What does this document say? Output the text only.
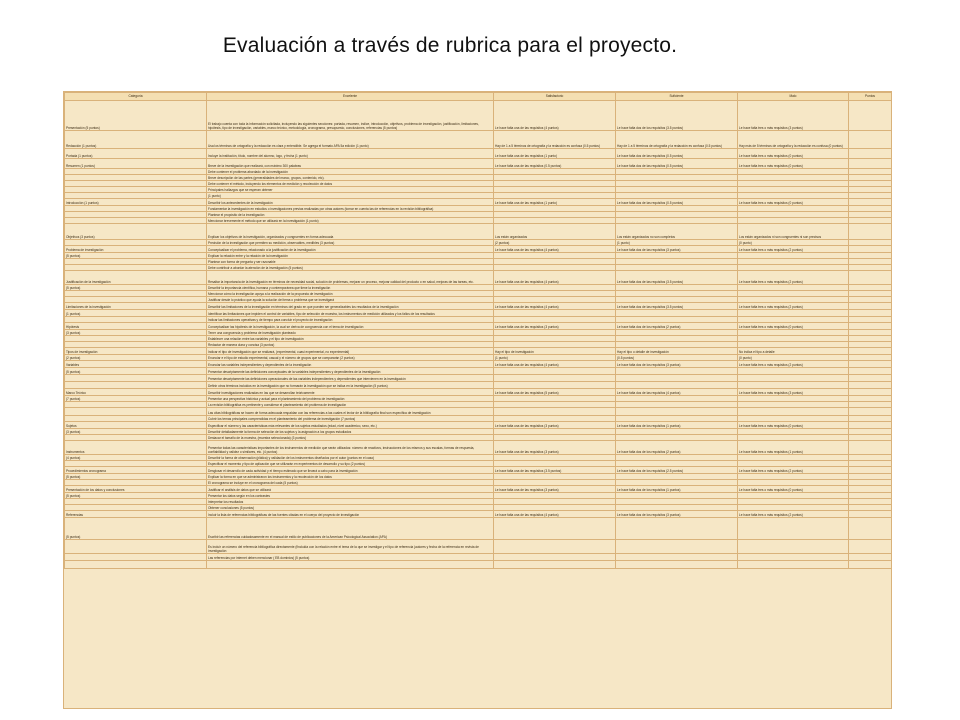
Evaluación a través de rubrica para el proyecto.
Categoría	Excelente	Satisfactorio	Suficiente	Malo	Puntos
Presentación (5 puntos)	El trabajo cuenta con toda la información solicitada, incluyendo las siguientes secciones: portada, resumen, índice, introducción, objetivos, problema de investigación, justificación, limitaciones, hipótesis, tipo de investigación, variables, marco teórico, metodología, cronograma, presupuesto, conclusiones, referencias (5 puntos)	Le hace falta una de las requisitos (4 puntos)	Le hace falta dos de los requisitos (3.5 puntos)	Le hace falta tres o más requisitos (3 puntos)	
Redacción (1 puntos)	Usa los términos de ortografía y la redacción es clara y entendible. Se agrega el formato APA 5a edición (1 punto)	Hay de 1 a 5 términos de ortografía y la redacción es confusa (0.5 puntos)	Hay de 1 a 5 términos de ortografía y la redacción es confusa (0.5 puntos)	Hay más de 5 términos de ortografía y la redacción es confusa (0 puntos)	
Portada (1 puntos)	Incluye la institución, título, nombre del alumno, logo, y fecha (1 punto)	Le hace falta una de las requisitos (1 punto)	Le hace falta dos de las requisitos (0.5 puntos)	Le hace falta tres o más requisitos (0 puntos)	
Resumen (1 puntos)	Breve de la investigación que realizará, con máximo 300 palabras	Le hace falta una de las requisitos (0.5 puntos)	Le hace falta dos de las requisitos (0.5 puntos)	Le hace falta tres o más requisitos (0 puntos)	
	Debe contener el problema abordado de la investigación				
	Breve descripción de las partes (generalidades del marco, grupos, contenido, etc).				
	Debe contener el método, incluyendo los elementos de medición y recolección de datos				
	Principales hallazgos que se esperan obtener				
	(1 punto)				
Introducción (1 puntos)	Describir los antecedentes de la investigación	Le hace falta una de las requisitos (1 punto)	Le hace falta dos de las requisitos (0.5 puntos)	Le hace falta tres o más requisitos (0 puntos)	
	Fundamentar la investigación en estudios o investigaciones previas realizadas por otras autores (tomar en cuenta las de referencias en la revisión bibliográfica)				
	Plantear el propósito de la investigación				
	Mencionar brevemente el método que se utilizará en la investigación (1 punto)				
Objetivos (3 puntos)	Explicar los objetivos de la investigación, organizados y congruentes en forma adecuada	Los están organizados	Los están organizados no son completos	Los están organizados ni son congruentes ni son precisos	
	Precisión de la investigación que permiten su medición, observables, medibles (3 puntos)	(2 puntos)	(1 punto)	(0 punto)	
Problema de investigación	Conceptualizar el problema, relacionado a la justificación de la investigación	Le hace falta una de las requisitos (4 puntos)	Le hace falta dos de las requisitos (3 puntos)	Le hace falta tres o más requisitos (2 puntos)	
(5 puntos)	Explicar la relación entre y la relación de la investigación				
	Plantear con forma de pregunta y ser razonable				
	Debe contribuir a abordar la atención de la investigación (5 puntos)				
Justificación de la investigación	Resaltar la importancia de la investigación en términos de necesidad social, solución de problemas, mejorar un proceso, mejorar calidad del producto o en salud, mejoras de las tareas, etc.	Le hace falta una de las requisitos (4 puntos)	Le hace falta dos de las requisitos (3.5 puntos)	Le hace falta tres o más requisitos (2 puntos)	
(5 puntos)	Describir la importancia científica, humana y contemporánea que tiene la investigación				
	Mencionar cómo la investigación apoya a la realización de la propuesta de investigación				
	Justificar desde lo práctico que ayuda la solución del tema o problema que se investigará				
Limitaciones de la investigación	Describir las limitaciones de la investigación en términos del grado en que pueden ser generalizables los resultados de la investigación	Le hace falta una de las requisitos (4 puntos)	Le hace falta dos de las requisitos (3.5 puntos)	Le hace falta tres o más requisitos (2 puntos)	
(1 puntos)	Identificar las limitaciones que impiden el control de variables, tipo de selección de muestra, los instrumentos de medición utilizados y los fallos de los resultados				
	Indicar las limitaciones operativas y de tiempo para concluir el proyecto de investigación				
Hipótesis	Conceptualizar las hipótesis de la investigación, la cual se deriva de congruencia con el tema de investigación	Le hace falta una de las requisitos (3 puntos)	Le hace falta dos de los requisitos (2 puntos)	Le hace falta tres o más requisitos (0 puntos)	
(3 puntos)	Tener una congruencia y problema de investigación planteado				
	Establecer una relación entre las variables y el tipo de investigación				
	Redactar de manera clara y concisa (3 puntos)				
Tipos de investigación	Indicar el tipo de investigación que se realizará, (experimental, cuasi experimental, no experimental)	Hay el tipo de investigación	Hay el tipo o detalle de investigación	No indica el tipo a detalle	
(2 puntos)	Enunciar e el tipo de estudio experimental, casual y el número de grupos que se compararán (2 puntos)	(1 punto)	(0.5 puntos)	(0 punto)	
Variables	Enunciar las variables independientes y dependientes de la investigación	Le hace falta una de las requisitos (4 puntos)	Le hace falta dos de los requisitos (3 puntos)	Le hace falta tres o más requisitos (2 puntos)	
(5 puntos)	Presentar descriptamente las definiciones conceptuales de la variables independientes y dependientes de la investigación				
	Presentar descriptamente las definiciones operacionales de las variables independientes y dependientes que intervienen en la investigación				
	Definir otros términos incluidos en la investigación que no formarán la investigación que se indica en la investigación (5 puntos)				
Marco Teórico	Describir investigaciones realizadas en las que se desarrollan teóricamente	Le hace falta una de las requisitos (5 puntos)	Le hace falta dos de las requisitos (4 puntos)	Le hace falta tres o más requisitos (3 puntos)	
(7 puntos)	Presentar una perspectiva histórica y actual para el planteamiento del problema de investigación				
	La revisión bibliográfica es pertinente y considerar el planteamiento del problema de investigación				
	Las citas bibliográficas se hacen de forma adecuada respaldan con las referencias a las cuales el lector de la bibliografía final son específica de investigación				
	Cubrir los temas principales comprendidas en el planteamiento del problema de investigación (7 puntos)				
Sujetos	Especificar el número y las características más relevantes de los sujetos estudiados (edad, nivel académico, sexo, etc.)	Le hace falta una de las requisitos (3 puntos)	Le hace falta dos de los requisitos (1 puntos)	Le hace falta tres o más requisitos (0 puntos)	
(3 puntos)	Describir detalladamente la forma de selección de los sujetos y la asignación a los grupos estudiados				
	Destacar el tamaño de la muestra, (muestra seleccionada) (3 puntos)				
Instrumentos	Presentar todas las características importantes de los instrumentos de medición que serán utilizados: número de reactivos, instrucciones de los mismos y sus escalas, formas de respuesta, confiabilidad y validez o similares, etc. (4 puntos)	Le hace falta una de las requisitos (3 puntos)	Le hace falta dos de los requisitos (2 puntos)	Le hace falta tres o más requisitos (1 puntos)	
(4 puntos)	Describir la forma de observación (plática) y validación de los instrumentos diseñados por el autor (puntos en el caso)				
	Especificar el momento y tipo de aplicación que se utilizarán en experimentos de desarrollo y su tipo (2 puntos)				
Procedimientos cronograma	Desglosar el desarrollo de cada actividad y el tiempo estimado que se llevará a cabo para la investigación	Le hace falta una de las requisitos (3.5 puntos)	Le hace falta dos de los requisitos (2.5 puntos)	Le hace falta tres o más requisitos (2 puntos)	
(5 puntos)	Explicar la forma en que se administraron los instrumentos y la recolección de los datos				
	El cronograma se incluye en el cronograma del cada (5 puntos)				
Presentación de los datos y conclusiones	Justificar el análisis de datos que se utilizará	Le hace falta una de las requisitos (3 puntos)	Le hace falta dos de los requisitos (1 puntos)	Le hace falta tres o más requisitos (0 puntos)	
(5 puntos)	Presentar los datos según en los contrastes				
	Interpretar los resultados				
	Obtener conclusiones (5 puntos)				
Referencias	Incluir la lista de referencias bibliográficas de las fuentes citadas en el cuerpo del proyecto de investigación	Le hace falta una de las requisitos (4 puntos)	Le hace falta dos de los requisitos (3 puntos)	Le hace falta tres o más requisitos (2 puntos)	
(5 puntos)	Escribir las referencias cuidadosamente en el manual de estilo de publicaciones de la American Psicological Association (APA)				
	Es incluir un número del referencia bibliográfica directamente (fincluida con la relación entre el tema de la que se investigar y el tipo de referencia (autores y fecha de la referencia en revista de investigación				
	Las referencias por internet deben mencionar ( EB dominios) (5 puntos)				
